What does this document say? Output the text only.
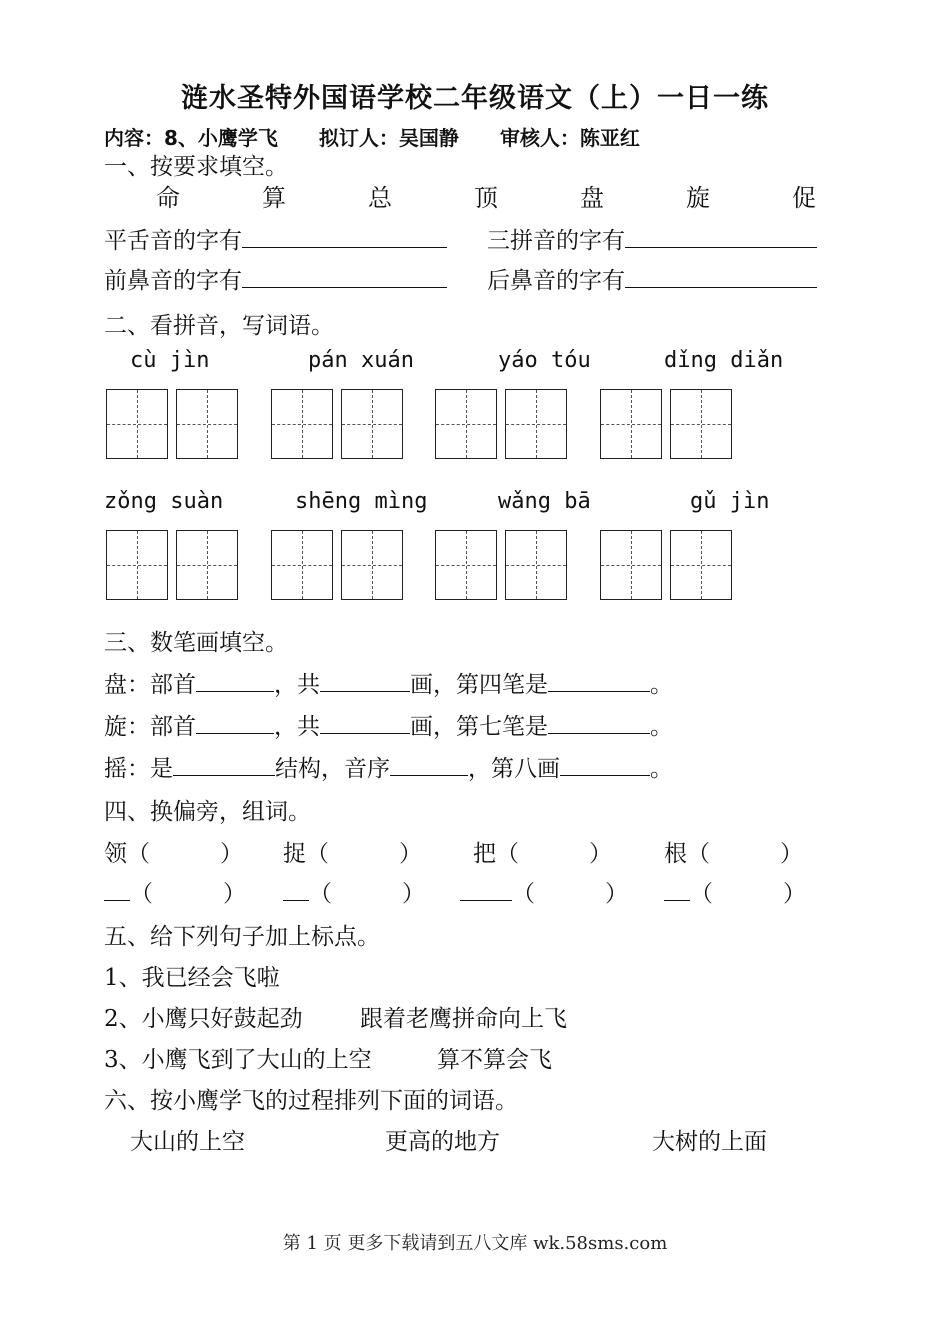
涟水圣特外国语学校二年级语文（上）一日一练
内容：8、小鹰学飞 拟订人：吴国静 审核人：陈亚红
一、按要求填空。
命	算	总	顶	盘	旋	促
平舌音的字有	三拼音的字有
前鼻音的字有	后鼻音的字有
二、看拼音，写词语。
cù jìn	pán xuán	yáo tóu	dǐng diǎn
zǒng suàn	shēng mìng	wǎng bā	gǔ jìn
三、数笔画填空。
盘：部首	，共	画，第四笔是	。
旋：部首	，共	画，第七笔是	。
摇：是	结构，音序	，第八画	。
四、换偏旁，组词。
领（	） 捉（	） 把（	） 根（	）
（	）	（	）	（	）	（	）
五、给下列句子加上标点。
1、我已经会飞啦
2、小鹰只好鼓起劲 跟着老鹰拼命向上飞
3、小鹰飞到了大山的上空	算不算会飞
六、按小鹰学飞的过程排列下面的词语。
大山的上空	更高的地方	大树的上面
第 1 页 更多下载请到五八文库 wk.58sms.com
